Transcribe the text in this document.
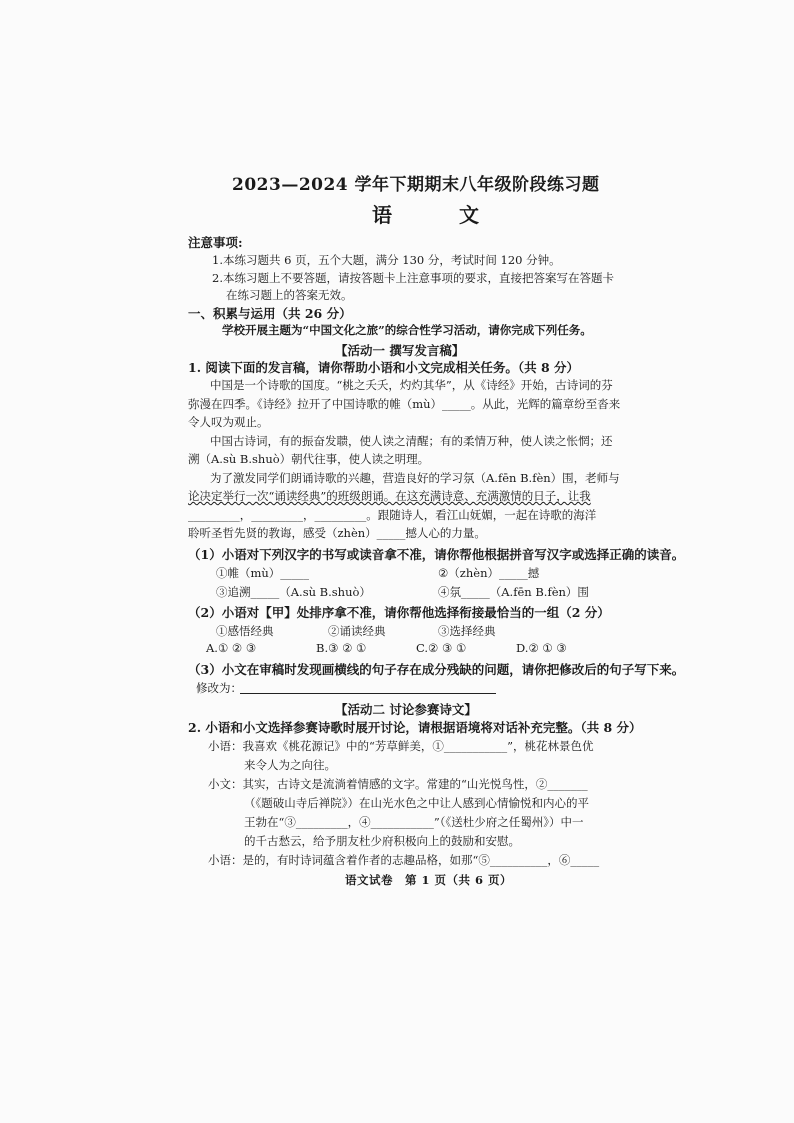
2023—2024 学年下期期末八年级阶段练习题
语 文
注意事项:
1.本练习题共 6 页，五个大题，满分 130 分，考试时间 120 分钟。
2.本练习题上不要答题，请按答题卡上注意事项的要求，直接把答案写在答题卡
在练习题上的答案无效。
一、积累与运用（共 26 分）
学校开展主题为“中国文化之旅”的综合性学习活动，请你完成下列任务。
【活动一 撰写发言稿】
1. 阅读下面的发言稿，请你帮助小语和小文完成相关任务。（共 8 分）
中国是一个诗歌的国度。“桃之夭夭，灼灼其华”，从《诗经》开始，古诗词的芬
弥漫在四季。《诗经》拉开了中国诗歌的帷（mù）_____。从此，光辉的篇章纷至沓来
令人叹为观止。
中国古诗词，有的振奋发聩，使人读之清醒；有的柔情万种，使人读之怅惘；还
溯（A.sù B.shuò）朝代往事，使人读之明理。
为了激发同学们朗诵诗歌的兴趣，营造良好的学习氛（A.fēn B.fèn）围，老师与
论决定举行一次“诵读经典”的班级朗诵。在这充满诗意、充满激情的日子，让我
_________，_________，_________。跟随诗人，看江山妩媚，一起在诗歌的海洋
聆听圣哲先贤的教诲，感受（zhèn）_____撼人心的力量。
（1）小语对下列汉字的书写或读音拿不准，请你帮他根据拼音写汉字或选择正确的读音。
①帷（mù）_____	②（zhèn）_____撼
③追溯_____（A.sù B.shuò）	④氛_____（A.fēn B.fèn）围
（2）小语对【甲】处排序拿不准，请你帮他选择衔接最恰当的一组（2 分）
①感悟经典	②诵读经典	③选择经典
A.① ② ③	B.③ ② ①	C.② ③ ①	D.② ① ③
（3）小文在审稿时发现画横线的句子存在成分残缺的问题，请你把修改后的句子写下来。
修改为：
【活动二 讨论参赛诗文】
2. 小语和小文选择参赛诗歌时展开讨论，请根据语境将对话补充完整。（共 8 分）
小语：我喜欢《桃花源记》中的“芳草鲜美，①___________”，桃花林景色优
来令人为之向往。
小文：其实，古诗文是流淌着情感的文字。常建的“山光悦鸟性，②_______
（《题破山寺后禅院》）在山光水色之中让人感到心情愉悦和内心的平
王勃在“③_________，④___________”（《送杜少府之任蜀州》）中一
的千古愁云，给予朋友杜少府积极向上的鼓励和安慰。
小语：是的，有时诗词蕴含着作者的志趣品格，如那“⑤__________，⑥_____
语文试卷　第 1 页（共 6 页）
